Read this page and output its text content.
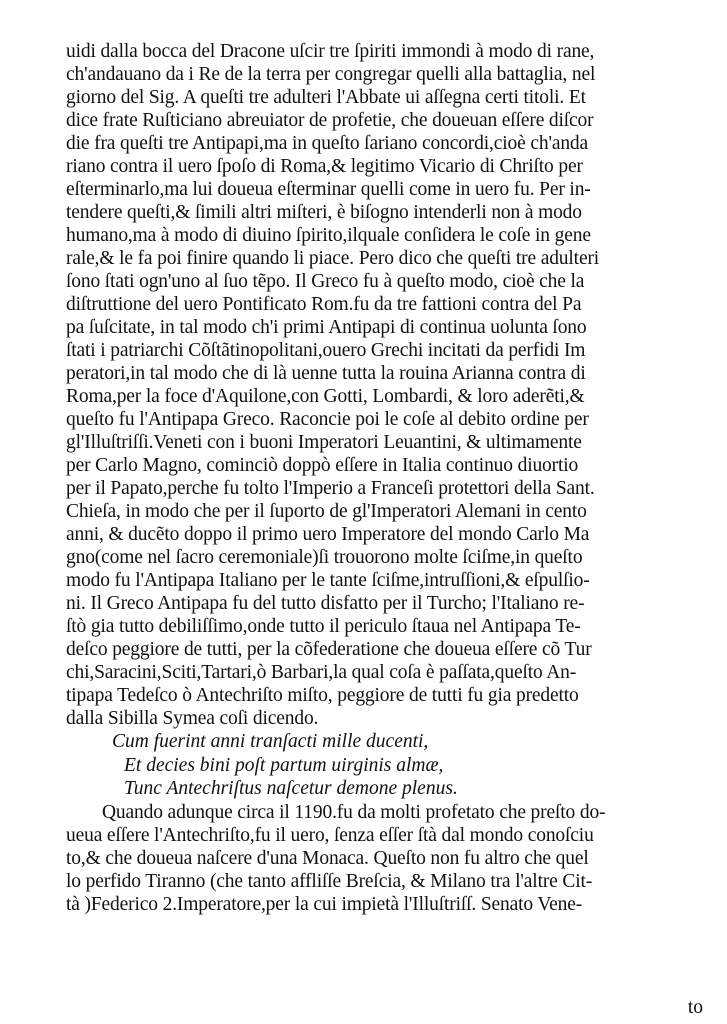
uidi dalla bocca del Dracone uſcir tre ſpiriti immondi à modo di rane,
ch'andauano da i Re de la terra per congregar quelli alla battaglia, nel
giorno del Sig. A queſti tre adulteri l'Abbate ui aſſegna certi titoli. Et
dice frate Ruſticiano abreuiator de profetie, che doueuan eſſere diſcor
die fra queſti tre Antipapi,ma in queſto ſariano concordi,cioè ch'anda
riano contra il uero ſpoſo di Roma,& legitimo Vicario di Chriſto per
eſterminarlo,ma lui doueua eſterminar quelli come in uero fu. Per in-
tendere queſti,& ſimili altri miſteri, è biſogno intenderli non à modo
humano,ma à modo di diuino ſpirito,ilquale conſidera le coſe in gene
rale,& le fa poi finire quando li piace. Pero dico che queſti tre adulteri
ſono ſtati ogn'uno al ſuo tẽpo. Il Greco fu à queſto modo, cioè che la
diſtruttione del uero Pontificato Rom.fu da tre fattioni contra del Pa
pa ſuſcitate, in tal modo ch'i primi Antipapi di continua uolunta ſono
ſtati i patriarchi Cõſtãtinopolitani,ouero Grechi incitati da perfidi Im
peratori,in tal modo che di là uenne tutta la rouina Arianna contra di
Roma,per la foce d'Aquilone,con Gotti, Lombardi, & loro aderẽti,&
queſto fu l'Antipapa Greco. Raconcie poi le coſe al debito ordine per
gl'Illuſtriſſi.Veneti con i buoni Imperatori Leuantini, & ultimamente
per Carlo Magno, cominciò doppò eſſere in Italia continuo diuortio
per il Papato,perche fu tolto l'Imperio a Franceſi protettori della Sant.
Chieſa, in modo che per il ſuporto de gl'Imperatori Alemani in cento
anni, & ducẽto doppo il primo uero Imperatore del mondo Carlo Ma
gno(come nel ſacro ceremoniale)ſi trouorono molte ſciſme,in queſto
modo fu l'Antipapa Italiano per le tante ſciſme,intruſſioni,& eſpulſio-
ni. Il Greco Antipapa fu del tutto disfatto per il Turcho; l'Italiano re-
ſtò gia tutto debiliſſimo,onde tutto il periculo ſtaua nel Antipapa Te-
deſco peggiore de tutti, per la cõfederatione che doueua eſſere cõ Tur
chi,Saracini,Sciti,Tartari,ò Barbari,la qual coſa è paſſata,queſto An-
tipapa Tedeſco ò Antechriſto miſto, peggiore de tutti fu gia predetto
dalla Sibilla Symea coſi dicendo.
Cum fuerint anni tranſacti mille ducenti,
Et decies bini poſt partum uirginis almæ,
Tunc Antechriſtus naſcetur demone plenus.
Quando adunque circa il 1190.fu da molti profetato che preſto do-
ueua eſſere l'Antechriſto,fu il uero, ſenza eſſer ſtà dal mondo conoſciu
to,& che doueua naſcere d'una Monaca. Queſto non fu altro che quel
lo perfido Tiranno (che tanto affliſſe Breſcia, & Milano tra l'altre Cit-
tà )Federico 2.Imperatore,per la cui impietà l'Illuſtriſſ. Senato Vene-
to
